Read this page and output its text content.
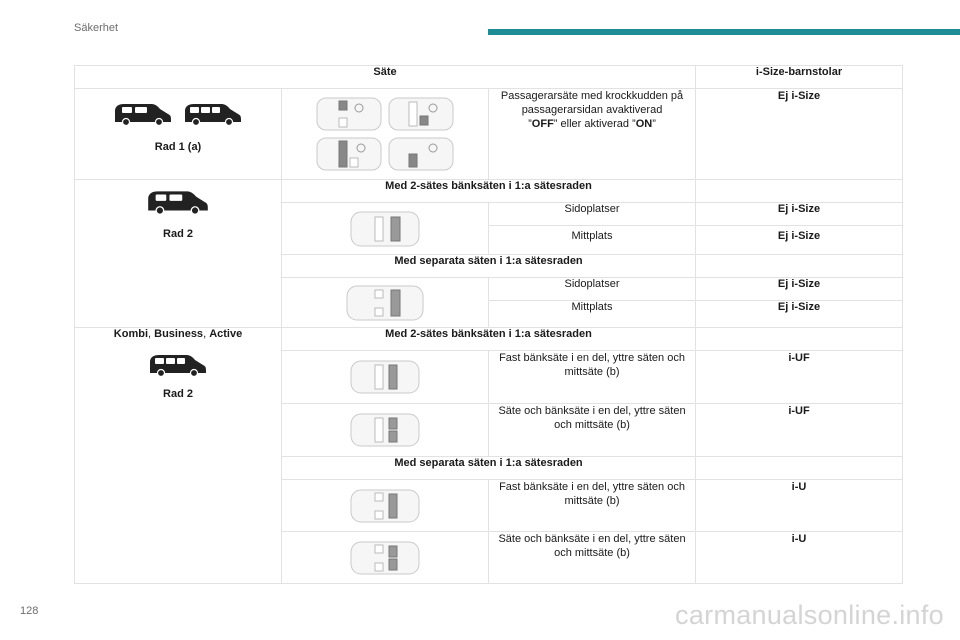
Säkerhet
Säte			i-Size-barnstolar

Rad 1 (a)		Passagerarsäte med krockkudden på passagerarsidan avaktiverad
”OFF” eller aktiverad ”ON”	Ej i-Size

Rad 2	Med 2-sätes bänksäten i 1:a sätesraden		

	Sidoplatser	Ej i-Size

		Mittplats	Ej i-Size

	Med separata säten i 1:a sätesraden		

	Sidoplatser	Ej i-Size
		Mittplats	Ej i-Size

Kombi, Business, Active
Rad 2	Med 2-sätes bänksäten i 1:a sätesraden		

	Fast bänksäte i en del, yttre säten och mittsäte (b)	i-UF

	Säte och bänksäte i en del, yttre säten och mittsäte (b)	i-UF
	Med separata säten i 1:a sätesraden		

	Fast bänksäte i en del, yttre säten och mittsäte (b)	i-U

	Säte och bänksäte i en del, yttre säten och mittsäte (b)	i-U
128	carmanualsonline.info
